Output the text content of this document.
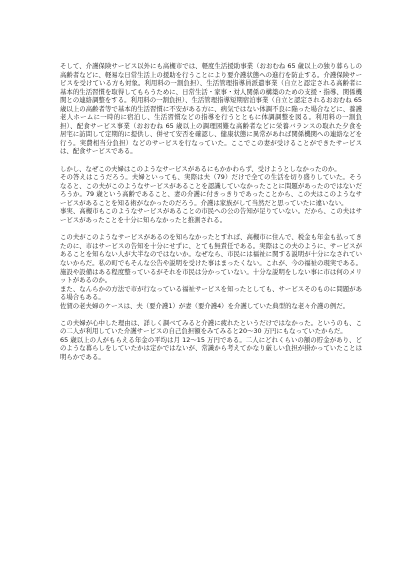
そして、介護保険サービス以外にも高槻市では、軽度生活援助事業（おおむね 65 歳以上の独り暮らしの高齢者などに、軽易な日常生活上の援助を行うことにより要介護状態への進行を防止する。介護保険サービスを受けている方も対象。利用料の一割負担）、生活管理指導員派遣事業（自立と認定される高齢者に基本的生活習慣を取得してもらうために、日常生活・家事・対人関係の構築のための支援・指導、関係機関との連絡調整をする。利用料の一割負担）、生活管理指導短期宿泊事業（自立と認定されるおおむね 65 歳以上の高齢者等で基本的生活習慣に不安がある方に、病気ではない体調不良に陥った場合などに、養護老人ホームに一時的に宿泊し、生活習慣などの指導を行うとともに体調調整を図る。利用料の一割負担）、配食サービス事業（おおむね 65 歳以上の調理困難な高齢者などに栄養バランスの取れた夕食を　居宅に訪問して定期的に提供し、併せて安否を確認し、健康状態に異常があれば関係機関への連絡などを行う。実費相当分負担）などのサービスを行なっていた。ここでこの妻が受けることができたサービスは、配食サービスである。

しかし、なぜこの夫婦はこのようなサービスがあるにもかかわらず、受けようとしなかったのか。
その答えはこうだろう。夫婦といっても、実際は夫（79）だけで全ての生活を切り盛りしていた。そうなると、この夫がこのようなサービスがあることを認識していなかったことに問題があったのではないだろうか。79 歳という高齢であること、妻の介護に付きっきりであったことから、この夫はこのようなサービスがあることを知る術がなかったのだろう。介護は家族がして当然だと思っていたに違いない。
事実、高槻市もこのようなサービスがあることの市民への公の告知が足りていない。だから、この夫はサービスがあったことを十分に知らなかったと推測される。

この夫がこのようなサービスがあるのを知らなかったとすれば、高槻市に住んで、税金も年金も払ってきたのに、市はサービスの告知を十分にせずに、とても無責任である。実際はこの夫のように、サービスがあることを知らない人が大半なのではないか。なぜなら、市民には福祉に関する説明が十分になされていないからだ。私の町でもそんな公告や説明を受けた事はまったくない。これが、今の福祉の現実である。施設や設備はある程度整っているがそれを市民は分かっていない。十分な説明をしない事に市は何のメリットがあるのか。
また、なんらかの方法で市が行なっている福祉サービスを知ったとしても、サービスそのものに問題がある場合もある。
佐賀の老夫婦のケースは、夫（要介護1）が妻（要介護4）を介護していた典型的な老々介護の例だ。

この夫婦が心中した理由は、詳しく調べてみると介護に疲れたというだけではなかった。というのも、この二人が利用していた介護サービスの自己負担額をみてみると20〜30 万円にもなっていたからだ。
65 歳以上の人がもらえる年金の平均は月 12〜15 万円である。二人にどれくらいの額の貯金があり、どのような暮らしをしていたかは定かではないが、常識から考えてかなり厳しい負担が掛かっていたことは明らかである。
